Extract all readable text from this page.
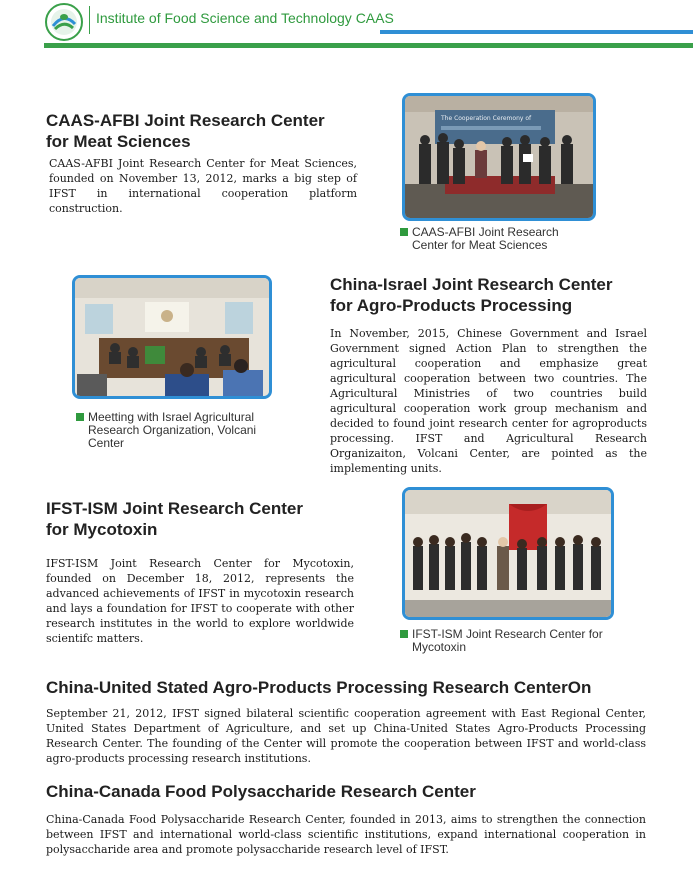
Institute of Food Science and Technology CAAS
CAAS-AFBI Joint Research Center
for Meat Sciences

CAAS-AFBI Joint Research Center for Meat Sciences, founded on November 13, 2012, marks a big step of IFST in international cooperation platform construction.

The Cooperation Ceremony of
CAAS-AFBI Joint Research
Center for Meat Sciences
Meetting with Israel Agricultural
Research Organization, Volcani
Center
China-Israel Joint Research Center
for Agro-Products Processing

In November, 2015, Chinese Government and Israel Government signed Action Plan to strengthen the agricultural cooperation and emphasize great agricultural cooperation between two countries. The Agricultural Ministries of two countries build agricultural cooperation work group mechanism and decided to found joint research center for agroproducts processing. IFST and Agricultural Research Organizaiton, Volcani Center, are pointed as the implementing units.

IFST-ISM Joint Research Center
for Mycotoxin

IFST-ISM Joint Research Center for Mycotoxin, founded on December 18, 2012, represents the advanced achievements of IFST in mycotoxin research and lays a foundation for IFST to cooperate with other research institutes in the world to explore worldwide scientifc matters.	IFST-ISM Joint Research Center for
Mycotoxin
China-United Stated Agro-Products Processing Research CenterOn

September 21, 2012, IFST signed bilateral scientific cooperation agreement with East Regional Center, United States Department of Agriculture, and set up China-United States Agro-Products Processing Research Center. The founding of the Center will promote the cooperation between IFST and world-class agro-products processing research institutions.

China-Canada Food Polysaccharide Research Center

China-Canada Food Polysaccharide Research Center, founded in 2013, aims to strengthen the connection between IFST and international world-class scientific institutions, expand international cooperation in polysaccharide area and promote polysaccharide research level of IFST.
